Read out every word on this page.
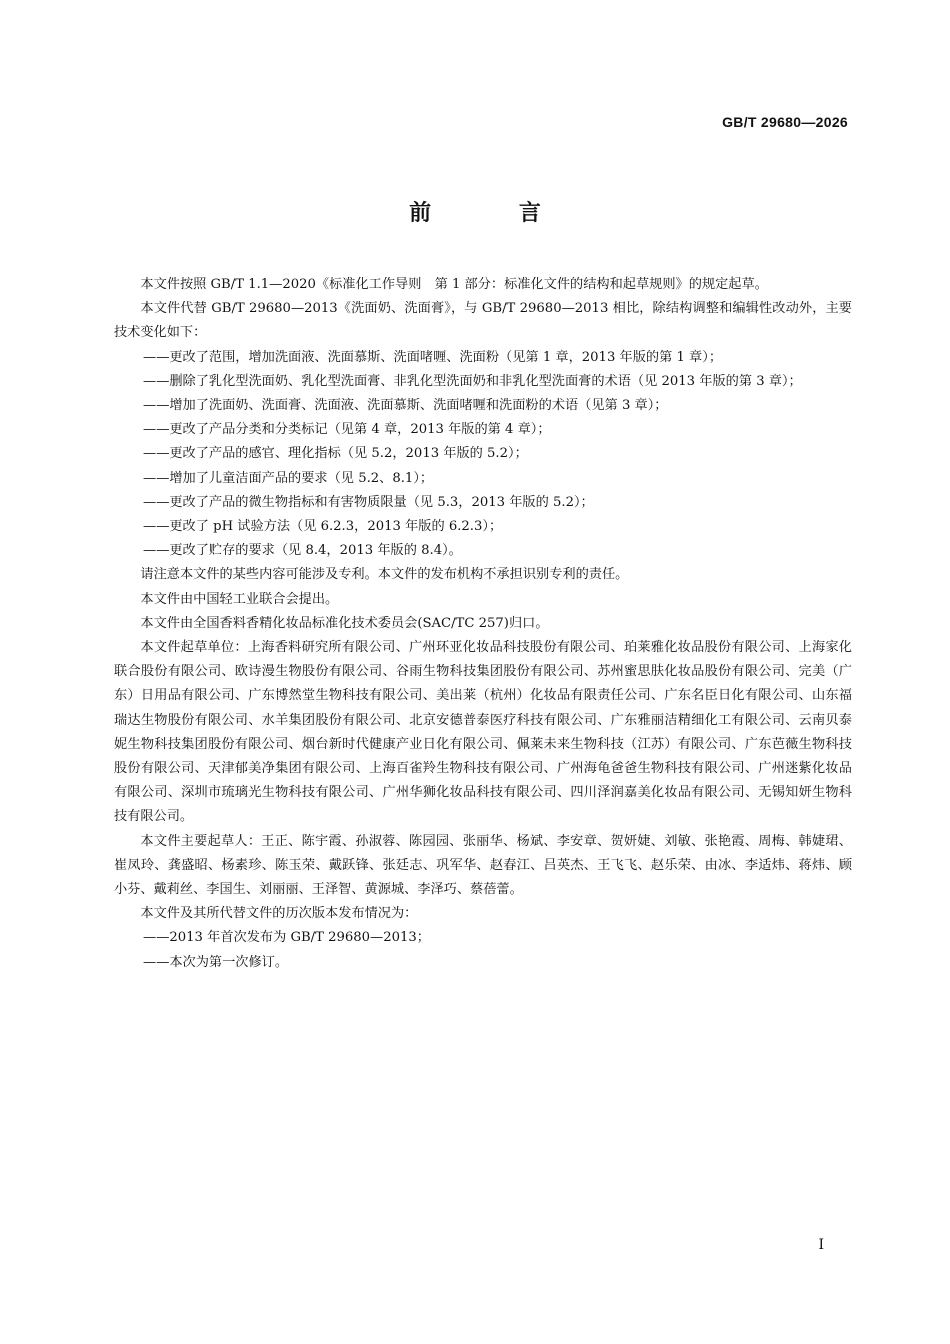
GB/T 29680—2026
前 言

本文件按照 GB/T 1.1—2020《标准化工作导则　第 1 部分：标准化文件的结构和起草规则》的规定起草。

本文件代替 GB/T 29680—2013《洗面奶、洗面膏》，与 GB/T 29680—2013 相比，除结构调整和编辑性改动外，主要技术变化如下：

——更改了范围，增加洗面液、洗面慕斯、洗面啫喱、洗面粉（见第 1 章，2013 年版的第 1 章）；

——删除了乳化型洗面奶、乳化型洗面膏、非乳化型洗面奶和非乳化型洗面膏的术语（见 2013 年版的第 3 章）；

——增加了洗面奶、洗面膏、洗面液、洗面慕斯、洗面啫喱和洗面粉的术语（见第 3 章）；

——更改了产品分类和分类标记（见第 4 章，2013 年版的第 4 章）；

——更改了产品的感官、理化指标（见 5.2，2013 年版的 5.2）；

——增加了儿童洁面产品的要求（见 5.2、8.1）；

——更改了产品的微生物指标和有害物质限量（见 5.3，2013 年版的 5.2）；

——更改了 pH 试验方法（见 6.2.3，2013 年版的 6.2.3）；

——更改了贮存的要求（见 8.4，2013 年版的 8.4）。

请注意本文件的某些内容可能涉及专利。本文件的发布机构不承担识别专利的责任。

本文件由中国轻工业联合会提出。

本文件由全国香料香精化妆品标准化技术委员会(SAC/TC 257)归口。

本文件起草单位：上海香料研究所有限公司、广州环亚化妆品科技股份有限公司、珀莱雅化妆品股份有限公司、上海家化联合股份有限公司、欧诗漫生物股份有限公司、谷雨生物科技集团股份有限公司、苏州蜜思肤化妆品股份有限公司、完美（广东）日用品有限公司、广东博然堂生物科技有限公司、美出莱（杭州）化妆品有限责任公司、广东名臣日化有限公司、山东福瑞达生物股份有限公司、水羊集团股份有限公司、北京安德普泰医疗科技有限公司、广东雅丽洁精细化工有限公司、云南贝泰妮生物科技集团股份有限公司、烟台新时代健康产业日化有限公司、佩莱未来生物科技（江苏）有限公司、广东芭薇生物科技股份有限公司、天津郁美净集团有限公司、上海百雀羚生物科技有限公司、广州海龟爸爸生物科技有限公司、广州迷紫化妆品有限公司、深圳市琉璃光生物科技有限公司、广州华狮化妆品科技有限公司、四川泽润嘉美化妆品有限公司、无锡知妍生物科技有限公司。

本文件主要起草人：王正、陈宇霞、孙淑蓉、陈园园、张丽华、杨斌、李安章、贺妍婕、刘敏、张艳霞、周梅、韩婕珺、崔凤玲、龚盛昭、杨素珍、陈玉荣、戴跃锋、张廷志、巩军华、赵春江、吕英杰、王飞飞、赵乐荣、由冰、李适炜、蒋炜、顾小芬、戴莉丝、李国生、刘丽丽、王泽智、黄源城、李泽巧、蔡蓓蕾。

本文件及其所代替文件的历次版本发布情况为：

——2013 年首次发布为 GB/T 29680—2013；

——本次为第一次修订。

I
